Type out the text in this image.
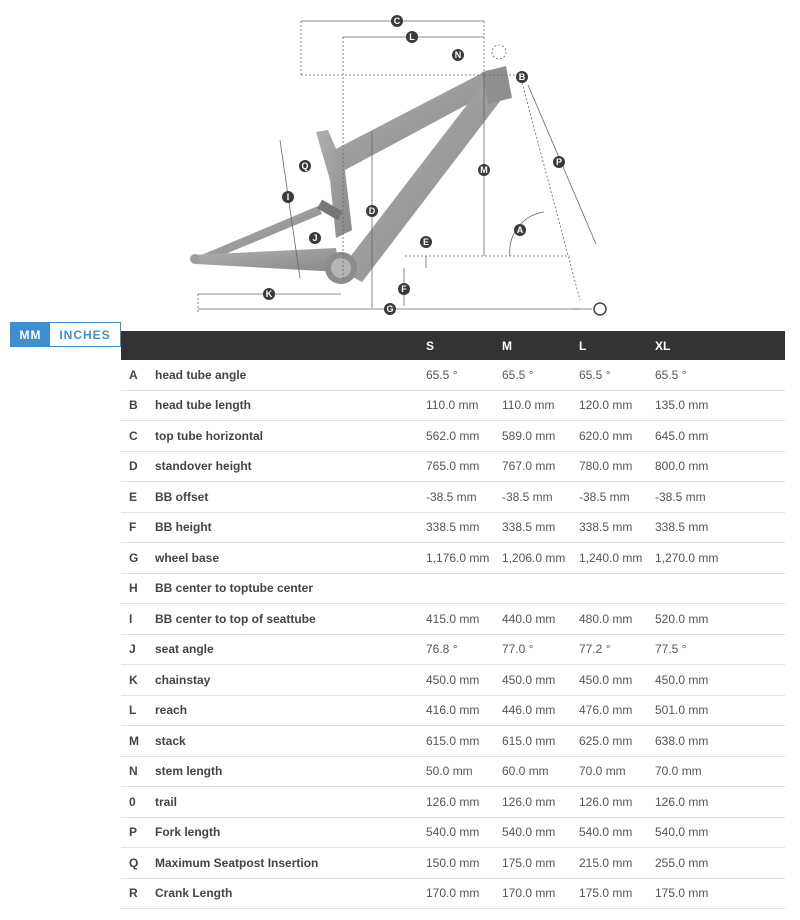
A
B
C
D
E
F
G
I
J
K
L
M
N
O
P
Q
MM	INCHES
		S	M	L	XL
A	head tube angle	65.5 °	65.5 °	65.5 °	65.5 °
B	head tube length	110.0 mm	110.0 mm	120.0 mm	135.0 mm
C	top tube horizontal	562.0 mm	589.0 mm	620.0 mm	645.0 mm
D	standover height	765.0 mm	767.0 mm	780.0 mm	800.0 mm
E	BB offset	-38.5 mm	-38.5 mm	-38.5 mm	-38.5 mm
F	BB height	338.5 mm	338.5 mm	338.5 mm	338.5 mm
G	wheel base	1,176.0 mm	1,206.0 mm	1,240.0 mm	1,270.0 mm
H	BB center to toptube center				
I	BB center to top of seattube	415.0 mm	440.0 mm	480.0 mm	520.0 mm
J	seat angle	76.8 °	77.0 °	77.2 °	77.5 °
K	chainstay	450.0 mm	450.0 mm	450.0 mm	450.0 mm
L	reach	416.0 mm	446.0 mm	476.0 mm	501.0 mm
M	stack	615.0 mm	615.0 mm	625.0 mm	638.0 mm
N	stem length	50.0 mm	60.0 mm	70.0 mm	70.0 mm
0	trail	126.0 mm	126.0 mm	126.0 mm	126.0 mm
P	Fork length	540.0 mm	540.0 mm	540.0 mm	540.0 mm
Q	Maximum Seatpost Insertion	150.0 mm	175.0 mm	215.0 mm	255.0 mm
R	Crank Length	170.0 mm	170.0 mm	175.0 mm	175.0 mm
